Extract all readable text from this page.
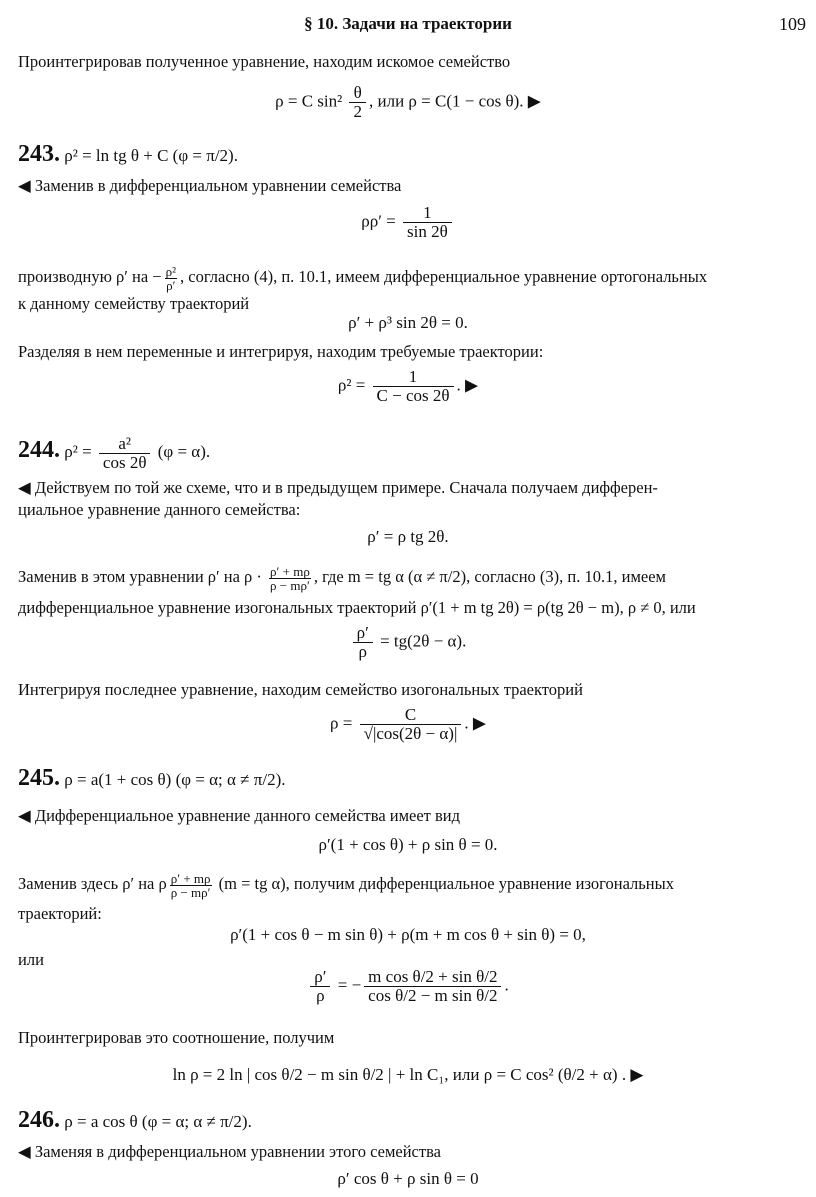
§ 10. Задачи на траектории	109
Проинтегрировав полученное уравнение, находим искомое семейство
ρ = C $\sin^2 \frac{\theta}{2}$ , или ρ = C(1 − cos θ). ▶
243. ρ² = ln tg θ + C (φ = π/2).
◀ Заменив в дифференциальном уравнении семейства
$\rho\rho' = \frac{1}{\sin 2\theta}$
производную ρ′ на − $\frac{\text{ρ²}}{\rho'}$ , согласно (4), п. 10.1, имеем дифференциальное уравнение ортогональных
к данному семейству траекторий
ρ′ + ρ³ sin 2θ = 0.
Разделяя в нем переменные и интегрируя, находим требуемые траектории:
$\rho^2 = \frac{1}{C - \cos 2\theta}$ . ▶
244. $\rho^2 = \frac{\text{a²}}{\cos 2\theta} (\varphi = \alpha)$.
◀ Действуем по той же схеме, что и в предыдущем примере. Сначала получаем дифферен-
циальное уравнение данного семейства:
ρ′ = ρ tg 2θ.
Заменив в этом уравнении ρ′ на $\rho \cdot \frac{\rho' + m\rho}{\rho - m\rho'}$ , где m = tg α (α ≠ π/2), согласно (3), п. 10.1, имеем
дифференциальное уравнение изогональных траекторий ρ′(1 + m tg 2θ) = ρ(tg 2θ − m), ρ ≠ 0, или
$\frac{\rho'}{\rho} = tg(2\theta - \alpha)$.
Интегрируя последнее уравнение, находим семейство изогональных траекторий
$\rho = \frac{C}{√|\cos(2\theta - \alpha)|}$ . ▶
245. ρ = a(1 + cos θ) (φ = α; α ≠ π/2).
◀ Дифференциальное уравнение данного семейства имеет вид
ρ′(1 + cos θ) + ρ sin θ = 0.
Заменив здесь ρ′ на ρ $\frac{\rho' + m\rho}{\rho - m\rho'} (m$ = tg α), получим дифференциальное уравнение изогональных
траекторий:
ρ′(1 + cos θ − m sin θ) + ρ(m + m cos θ + sin θ) = 0,
или
$\frac{\rho'}{\rho}$ = − $\frac{\text{m cos θ/2 + sin θ/2}}{\text{cos θ/2 − m sin θ/2}}$ .
Проинтегрировав это соотношение, получим
ln ρ = 2 ln | cos θ/2 − m sin θ/2 | + ln C₁, или ρ = C cos² (θ/2 + α) . ▶
246. ρ = a cos θ (φ = α; α ≠ π/2).
◀ Заменяя в дифференциальном уравнении этого семейства
ρ′ cos θ + ρ sin θ = 0
